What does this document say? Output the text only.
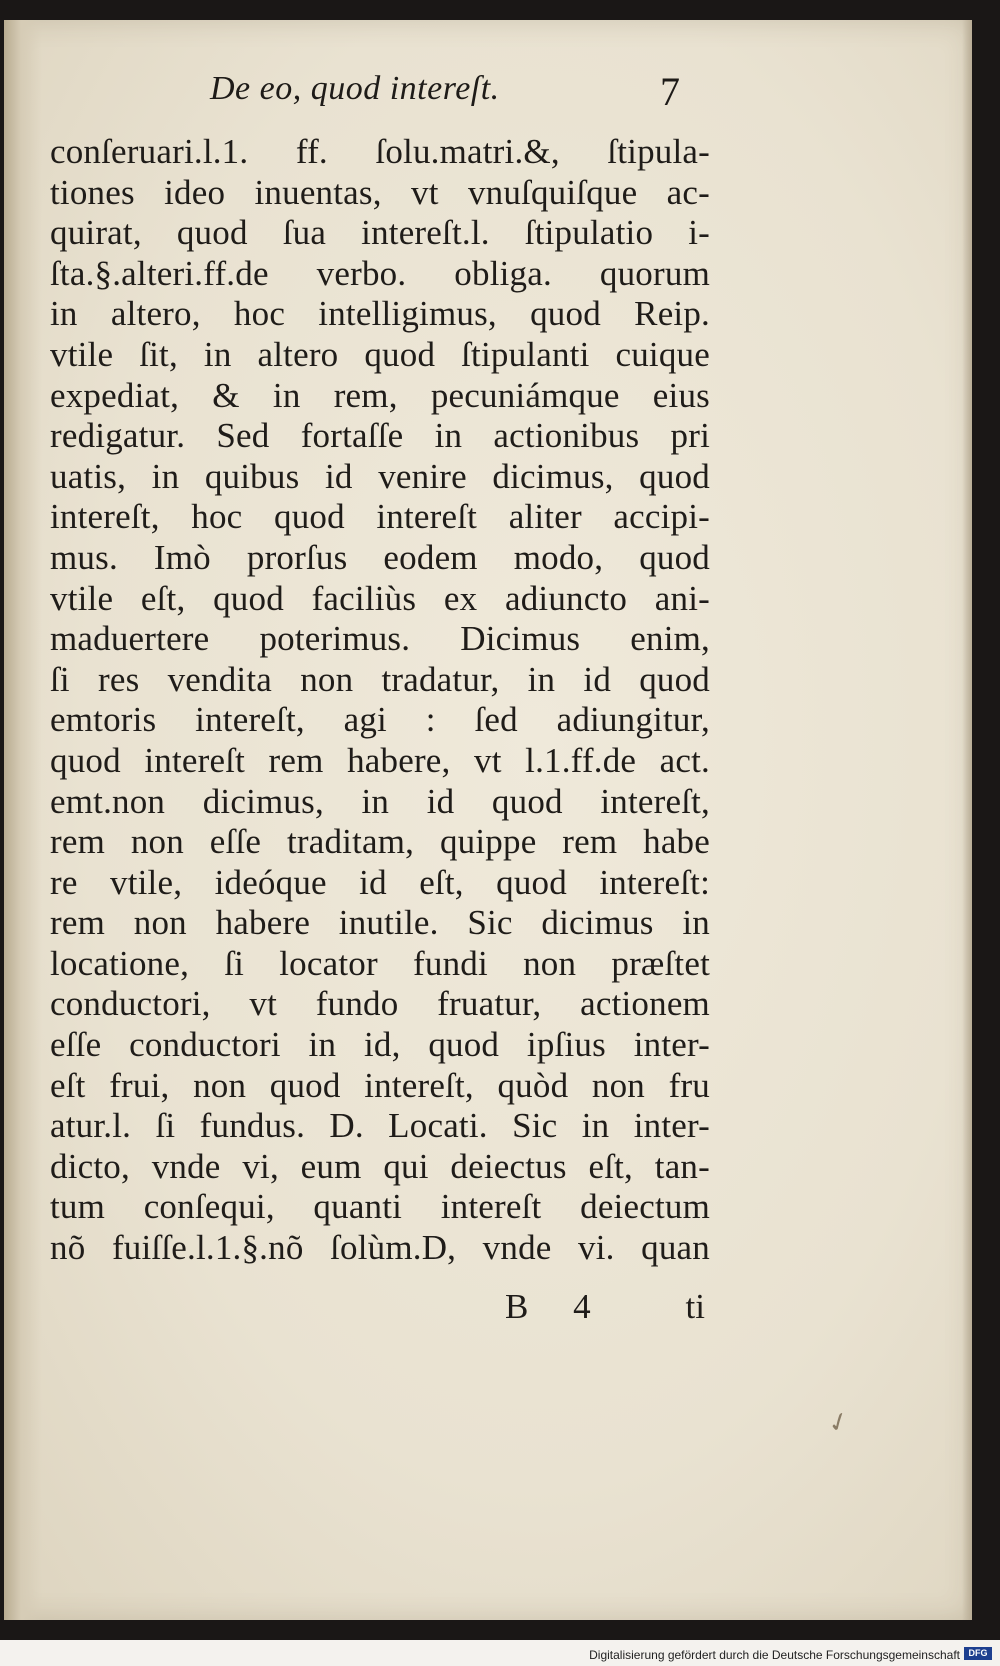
De eo, quod intereſt.	7
conſeruari.l.1. ff. ſolu.matri.&, ſtipula-
tiones ideo inuentas, vt vnuſquiſque ac-
quirat, quod ſua intereſt.l. ſtipulatio i-
ſta.§.alteri.ff.de verbo. obliga. quorum
in altero, hoc intelligimus, quod Reip.
vtile ſit, in altero quod ſtipulanti cuique
expediat, & in rem, pecuniámque eius
redigatur. Sed fortaſſe in actionibus pri
uatis, in quibus id venire dicimus, quod
intereſt, hoc quod intereſt aliter accipi-
mus. Imò prorſus eodem modo, quod
vtile eſt, quod faciliùs ex adiuncto ani-
maduertere poterimus. Dicimus enim,
ſi res vendita non tradatur, in id quod
emtoris intereſt, agi : ſed adiungitur,
quod intereſt rem habere, vt l.1.ff.de act.
emt.non dicimus, in id quod intereſt,
rem non eſſe traditam, quippe rem habe
re vtile, ideóque id eſt, quod intereſt:
rem non habere inutile. Sic dicimus in
locatione, ſi locator fundi non præſtet
conductori, vt fundo fruatur, actionem
eſſe conductori in id, quod ipſius inter-
eſt frui, non quod intereſt, quòd non fru
atur.l. ſi fundus. D. Locati. Sic in inter-
dicto, vnde vi, eum qui deiectus eſt, tan-
tum conſequi, quanti intereſt deiectum
nõ fuiſſe.l.1.§.nõ ſolùm.D, vnde vi. quan
B 4 ti
✓
Digitalisierung gefördert durch die Deutsche Forschungsgemeinschaft DFG
